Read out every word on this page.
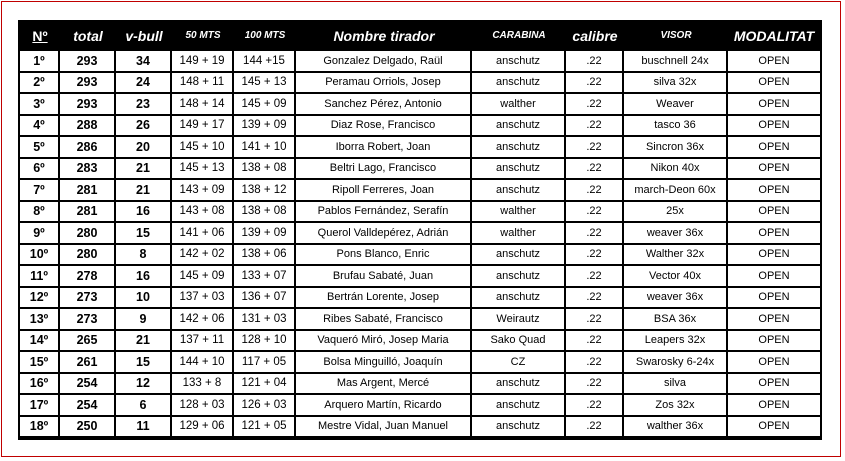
Nº	total	v-bull	50 MTS	100 MTS	Nombre tirador	CARABINA	calibre	VISOR	MODALITAT
1º	293	34	149 + 19	144 +15	Gonzalez Delgado, Raül	anschutz	.22	buschnell 24x	OPEN
2º	293	24	148 + 11	145 + 13	Peramau Orriols, Josep	anschutz	.22	silva 32x	OPEN
3º	293	23	148 + 14	145 + 09	Sanchez Pérez, Antonio	walther	.22	Weaver	OPEN
4º	288	26	149 + 17	139 + 09	Diaz Rose, Francisco	anschutz	.22	tasco 36	OPEN
5º	286	20	145 + 10	141 + 10	Iborra Robert, Joan	anschutz	.22	Sincron 36x	OPEN
6º	283	21	145 + 13	138 + 08	Beltri Lago, Francisco	anschutz	.22	Nikon 40x	OPEN
7º	281	21	143 + 09	138 + 12	Ripoll Ferreres, Joan	anschutz	.22	march-Deon 60x	OPEN
8º	281	16	143 + 08	138 + 08	Pablos Fernández, Serafín	walther	.22	25x	OPEN
9º	280	15	141 + 06	139 + 09	Querol Valldepérez, Adrián	walther	.22	weaver 36x	OPEN
10º	280	8	142 + 02	138 + 06	Pons Blanco, Enric	anschutz	.22	Walther 32x	OPEN
11º	278	16	145 + 09	133 + 07	Brufau Sabaté, Juan	anschutz	.22	Vector 40x	OPEN
12º	273	10	137 + 03	136 + 07	Bertrán Lorente, Josep	anschutz	.22	weaver 36x	OPEN
13º	273	9	142 + 06	131 + 03	Ribes Sabaté, Francisco	Weirautz	.22	BSA 36x	OPEN
14º	265	21	137 + 11	128 + 10	Vaqueró Miró, Josep Maria	Sako Quad	.22	Leapers 32x	OPEN
15º	261	15	144 + 10	117 + 05	Bolsa Minguilló, Joaquín	CZ	.22	Swarosky 6-24x	OPEN
16º	254	12	133 + 8	121 + 04	Mas Argent, Mercé	anschutz	.22	silva	OPEN
17º	254	6	128 + 03	126 + 03	Arquero Martín, Ricardo	anschutz	.22	Zos 32x	OPEN
18º	250	11	129 + 06	121 + 05	Mestre Vidal, Juan Manuel	anschutz	.22	walther 36x	OPEN
